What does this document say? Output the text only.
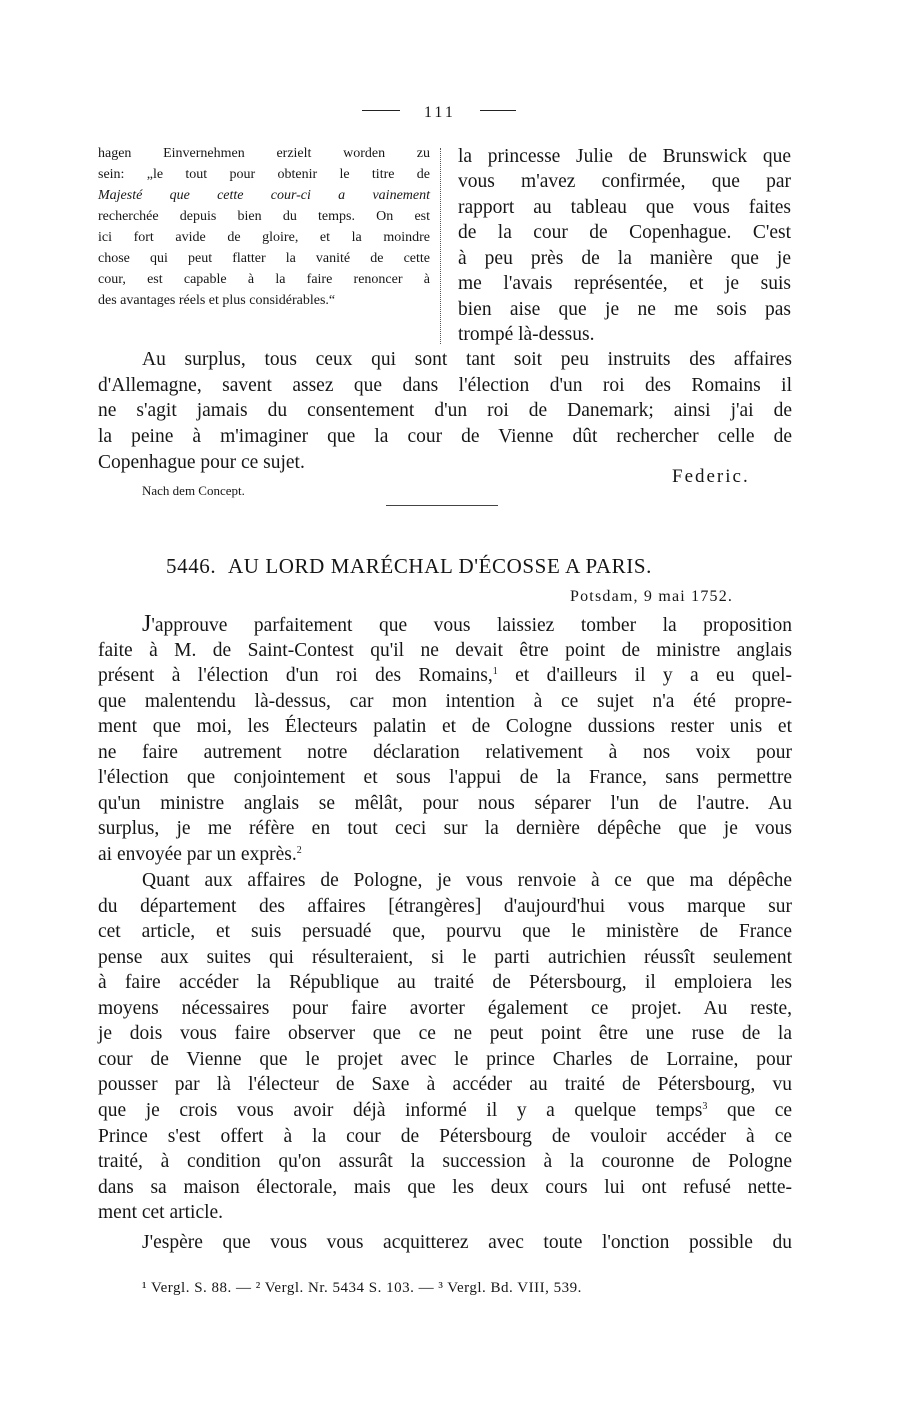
111
hagen Einvernehmen erzielt worden zu
sein: „le tout pour obtenir le titre de
Majesté que cette cour-ci a vainement
recherchée depuis bien du temps. On est
ici fort avide de gloire, et la moindre
chose qui peut flatter la vanité de cette
cour, est capable à la faire renoncer à
des avantages réels et plus considérables.“
la princesse Julie de Brunswick que
vous m'avez confirmée, que par
rapport au tableau que vous faites
de la cour de Copenhague. C'est
à peu près de la manière que je
me l'avais représentée, et je suis
bien aise que je ne me sois pas
trompé là-dessus.
Au surplus, tous ceux qui sont tant soit peu instruits des affaires
d'Allemagne, savent assez que dans l'élection d'un roi des Romains il
ne s'agit jamais du consentement d'un roi de Danemark; ainsi j'ai de
la peine à m'imaginer que la cour de Vienne dût rechercher celle de
Copenhague pour ce sujet.
Federic.
Nach dem Concept.
5446. AU LORD MARÉCHAL D'ÉCOSSE A PARIS.
Potsdam, 9 mai 1752.
J'approuve parfaitement que vous laissiez tomber la proposition
faite à M. de Saint-Contest qu'il ne devait être point de ministre anglais
présent à l'élection d'un roi des Romains,$^1$ et d'ailleurs il y a eu quel-
que malentendu là-dessus, car mon intention à ce sujet n'a été propre-
ment que moi, les Électeurs palatin et de Cologne dussions rester unis et
ne faire autrement notre déclaration relativement à nos voix pour
l'élection que conjointement et sous l'appui de la France, sans permettre
qu'un ministre anglais se mêlât, pour nous séparer l'un de l'autre. Au
surplus, je me réfère en tout ceci sur la dernière dépêche que je vous
ai envoyée par un exprès.$^2$
Quant aux affaires de Pologne, je vous renvoie à ce que ma dépêche
du département des affaires [étrangères] d'aujourd'hui vous marque sur
cet article, et suis persuadé que, pourvu que le ministère de France
pense aux suites qui résulteraient, si le parti autrichien réussît seulement
à faire accéder la République au traité de Pétersbourg, il emploiera les
moyens nécessaires pour faire avorter également ce projet. Au reste,
je dois vous faire observer que ce ne peut point être une ruse de la
cour de Vienne que le projet avec le prince Charles de Lorraine, pour
pousser par là l'électeur de Saxe à accéder au traité de Pétersbourg, vu
que je crois vous avoir déjà informé il y a quelque temps$^3$ que ce
Prince s'est offert à la cour de Pétersbourg de vouloir accéder à ce
traité, à condition qu'on assurât la succession à la couronne de Pologne
dans sa maison électorale, mais que les deux cours lui ont refusé nette-
ment cet article.
J'espère que vous vous acquitterez avec toute l'onction possible du
¹ Vergl. S. 88. — ² Vergl. Nr. 5434 S. 103. — ³ Vergl. Bd. VIII, 539.
